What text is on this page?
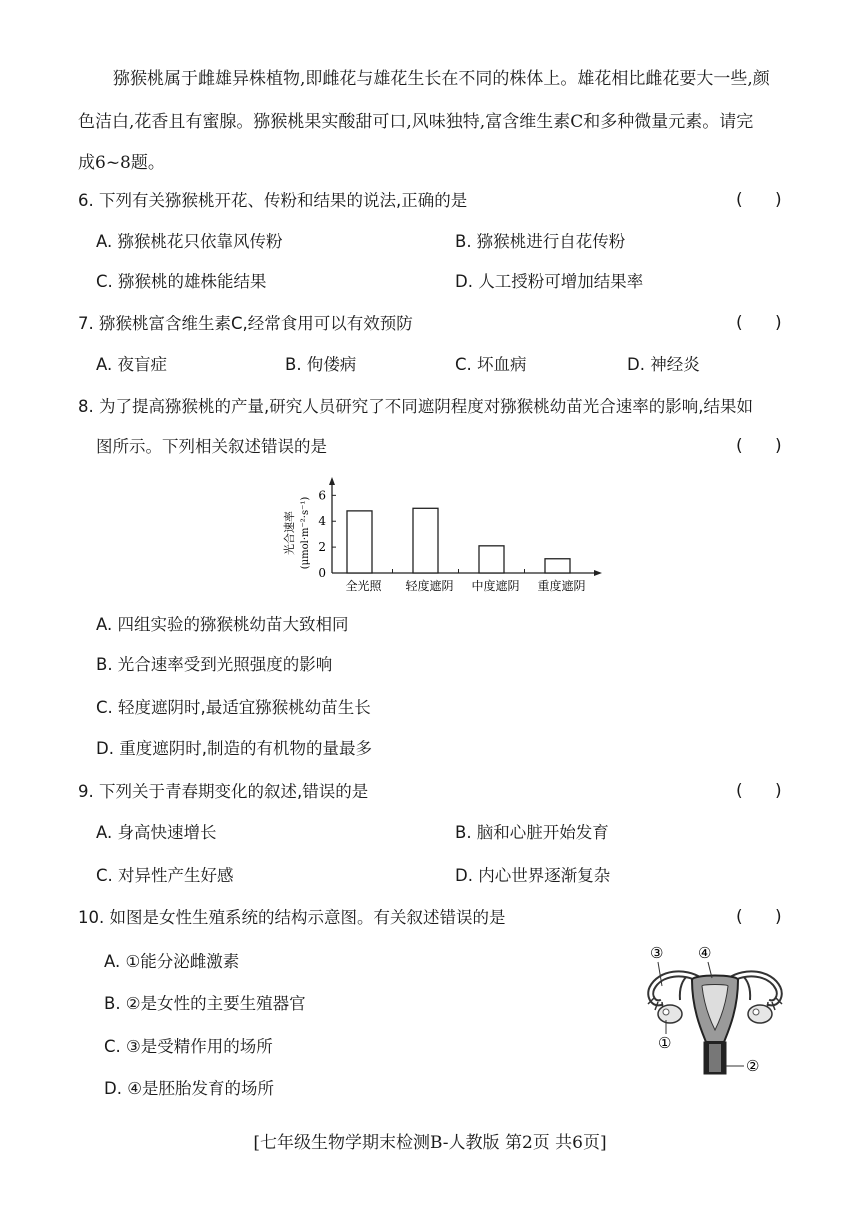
猕猴桃属于雌雄异株植物,即雌花与雄花生长在不同的株体上。雄花相比雌花要大一些,颜
色洁白,花香且有蜜腺。猕猴桃果实酸甜可口,风味独特,富含维生素C和多种微量元素。请完
成6~8题。
6. 下列有关猕猴桃开花、传粉和结果的说法,正确的是	(      )
A. 猕猴桃花只依靠风传粉	B. 猕猴桃进行自花传粉
C. 猕猴桃的雄株能结果	D. 人工授粉可增加结果率
7. 猕猴桃富含维生素C,经常食用可以有效预防	(      )
A. 夜盲症	B. 佝偻病	C. 坏血病	D. 神经炎
8. 为了提高猕猴桃的产量,研究人员研究了不同遮阴程度对猕猴桃幼苗光合速率的影响,结果如
图所示。下列相关叙述错误的是	(      )
光合速率 (μmol·m⁻²·s⁻¹)
0
2
4
6
全光照 轻度遮阴 中度遮阴 重度遮阴
A. 四组实验的猕猴桃幼苗大致相同
B. 光合速率受到光照强度的影响
C. 轻度遮阴时,最适宜猕猴桃幼苗生长
D. 重度遮阴时,制造的有机物的量最多
9. 下列关于青春期变化的叙述,错误的是	(      )
A. 身高快速增长	B. 脑和心脏开始发育
C. 对异性产生好感	D. 内心世界逐渐复杂
10. 如图是女性生殖系统的结构示意图。有关叙述错误的是	(      )
A. ①能分泌雌激素
B. ②是女性的主要生殖器官
C. ③是受精作用的场所
D. ④是胚胎发育的场所
③ ④
①
②
[七年级生物学期末检测B-人教版 第2页 共6页]
